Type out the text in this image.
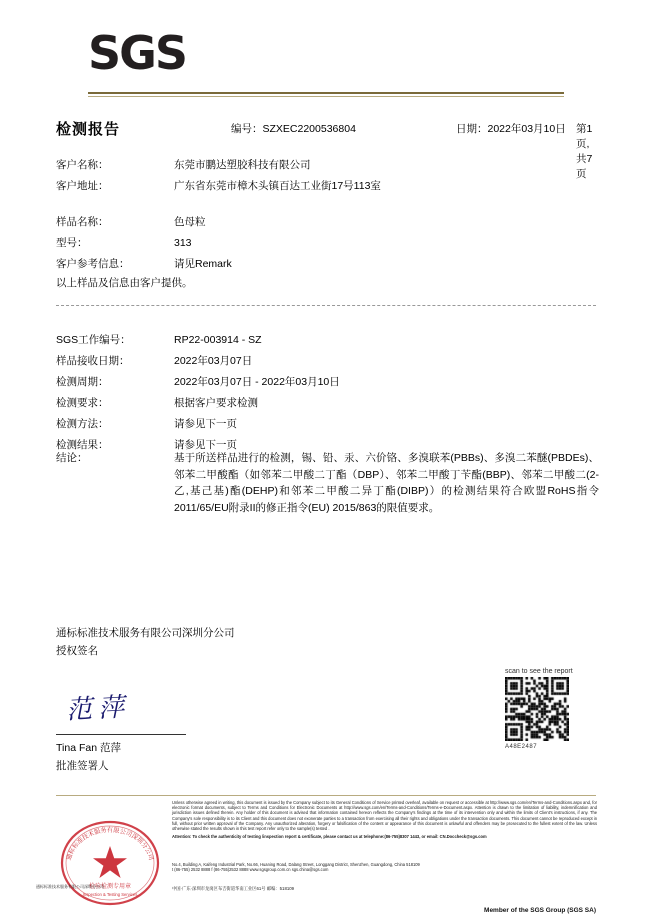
SGS
检测报告	编号：SZXEC2200536804	日期：2022年03月10日 第1页,共7页
客户名称：	东莞市鹏达塑胶科技有限公司
客户地址：	广东省东莞市樟木头镇百达工业街17号113室
样品名称：	色母粒
型号：	313
客户参考信息：	请见Remark
以上样品及信息由客户提供。
SGS工作编号：	RP22-003914 - SZ
样品接收日期：	2022年03月07日
检测周期：	2022年03月07日 - 2022年03月10日
检测要求：	根据客户要求检测
检测方法：	请参见下一页
检测结果：	请参见下一页
结论：	基于所送样品进行的检测，锡、铅、汞、六价铬、多溴联苯(PBBs)、多溴二苯醚(PBDEs)、邻苯二甲酸酯（如邻苯二甲酸二丁酯（DBP）、邻苯二甲酸丁苄酯(BBP)、邻苯二甲酸二(2-乙,基己基)酯(DEHP)和邻苯二甲酸二异丁酯(DIBP)）的检测结果符合欧盟RoHS指令2011/65/EU附录II的修正指令(EU) 2015/863的限值要求。
通标标准技术服务有限公司深圳分公司
授权签名
范萍
Tina Fan 范萍
批准签署人
scan to see the report
A48E2487
通标标准技术服务有限公司深圳分公司
检验检测专用章
Inspection & Testing Services
通标标准技术服务有限公司深圳分公司

Unless otherwise agreed in writing, this document is issued by the Company subject to its General Conditions of Service printed overleaf, available on request or accessible at http://www.sgs.com/en/Terms-and-Conditions.aspx and, for electronic format documents, subject to Terms and Conditions for Electronic Documents at http://www.sgs.com/en/Terms-and-Conditions/Terms-e-Document.aspx. Attention is drawn to the limitation of liability, indemnification and jurisdiction issues defined therein. Any holder of this document is advised that information contained hereon reflects the Company's findings at the time of its intervention only and within the limits of Client's instructions, if any. The Company's sole responsibility is to its Client and this document does not exonerate parties to a transaction from exercising all their rights and obligations under the transaction documents. This document cannot be reproduced except in full, without prior written approval of the Company. Any unauthorized alteration, forgery or falsification of the content or appearance of this document is unlawful and offenders may be prosecuted to the fullest extent of the law. Unless otherwise stated the results shown in this test report refer only to the sample(s) tested .

Attention: To check the authenticity of testing /inspection report & certificate, please contact us at telephone:(86-755)8307 1443, or email: CN.Doccheck@sgs.com

No.4, Building A, Kaifeng Industrial Park, No.66, Huaning Road, Dalang Street, Longgang District, Shenzhen, Guangdong, China 518109
t (86-755) 2532 8888 f (86-755)2532 8888 www.sgsgroup.com.cn sgs.china@sgs.com
中国·广东·深圳市龙岗区布吉街道华南工业区61号 邮编：518109
Member of the SGS Group (SGS SA)
